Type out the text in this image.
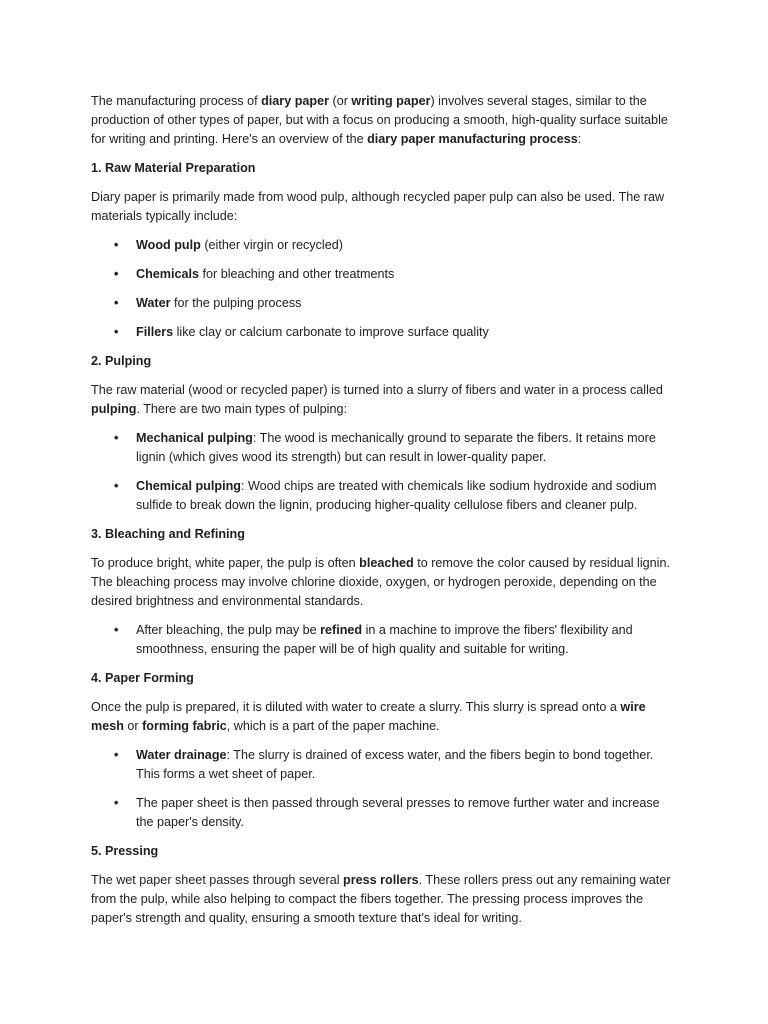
The manufacturing process of diary paper (or writing paper) involves several stages, similar to the production of other types of paper, but with a focus on producing a smooth, high-quality surface suitable for writing and printing. Here's an overview of the diary paper manufacturing process:

1. Raw Material Preparation

Diary paper is primarily made from wood pulp, although recycled paper pulp can also be used. The raw materials typically include:

• Wood pulp (either virgin or recycled)
• Chemicals for bleaching and other treatments
• Water for the pulping process
• Fillers like clay or calcium carbonate to improve surface quality

2. Pulping

The raw material (wood or recycled paper) is turned into a slurry of fibers and water in a process called pulping. There are two main types of pulping:

• Mechanical pulping: The wood is mechanically ground to separate the fibers. It retains more lignin (which gives wood its strength) but can result in lower-quality paper.
• Chemical pulping: Wood chips are treated with chemicals like sodium hydroxide and sodium sulfide to break down the lignin, producing higher-quality cellulose fibers and cleaner pulp.

3. Bleaching and Refining

To produce bright, white paper, the pulp is often bleached to remove the color caused by residual lignin. The bleaching process may involve chlorine dioxide, oxygen, or hydrogen peroxide, depending on the desired brightness and environmental standards.

• After bleaching, the pulp may be refined in a machine to improve the fibers' flexibility and smoothness, ensuring the paper will be of high quality and suitable for writing.

4. Paper Forming

Once the pulp is prepared, it is diluted with water to create a slurry. This slurry is spread onto a wire mesh or forming fabric, which is a part of the paper machine.

• Water drainage: The slurry is drained of excess water, and the fibers begin to bond together. This forms a wet sheet of paper.
• The paper sheet is then passed through several presses to remove further water and increase the paper's density.

5. Pressing

The wet paper sheet passes through several press rollers. These rollers press out any remaining water from the pulp, while also helping to compact the fibers together. The pressing process improves the paper's strength and quality, ensuring a smooth texture that's ideal for writing.
